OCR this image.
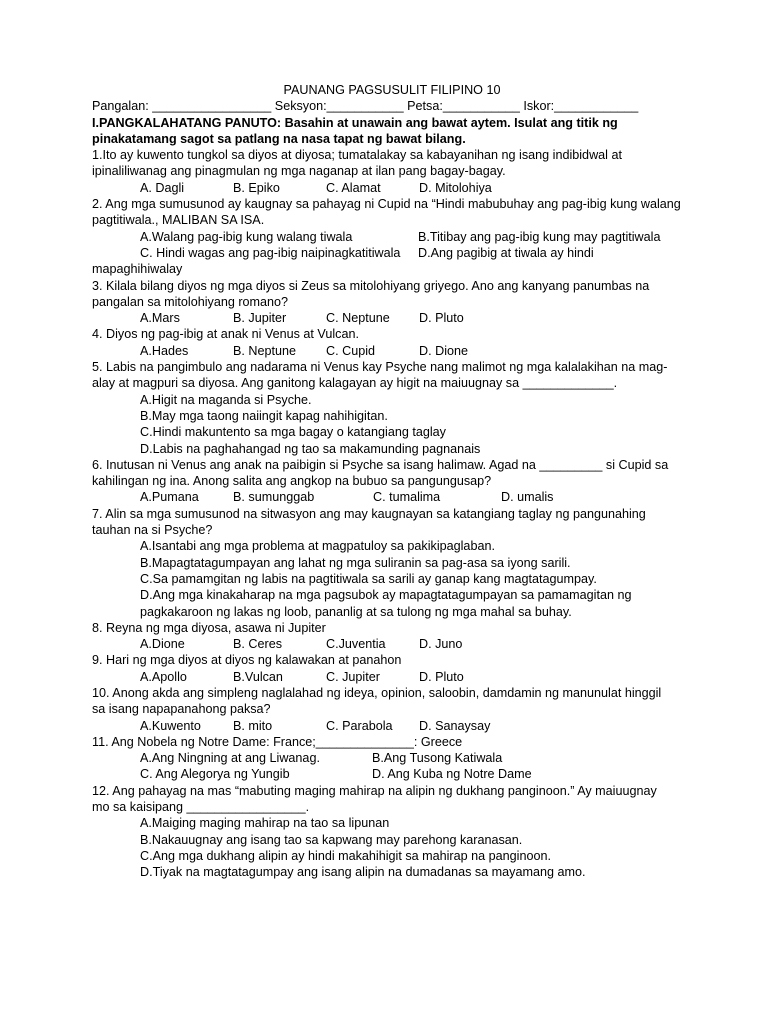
PAUNANG PAGSUSULIT FILIPINO 10
Pangalan: _________________ Seksyon:___________ Petsa:___________ Iskor:____________
I.PANGKALAHATANG PANUTO: Basahin at unawain ang bawat aytem. Isulat ang titik ng
pinakatamang sagot sa patlang na nasa tapat ng bawat bilang.
1.Ito ay kuwento tungkol sa diyos at diyosa; tumatalakay sa kabayanihan ng isang indibidwal at
ipinaliliwanag ang pinagmulan ng mga naganap at ilan pang bagay-bagay.
A. Dagli	B. Epiko	C. Alamat	D. Mitolohiya
2. Ang mga sumusunod ay kaugnay sa pahayag ni Cupid na “Hindi mabubuhay ang pag-ibig kung walang
pagtitiwala., MALIBAN SA ISA.
A.Walang pag-ibig kung walang tiwala	B.Titibay ang pag-ibig kung may pagtitiwala
C. Hindi wagas ang pag-ibig naipinagkatitiwala	D.Ang pagibig at tiwala ay hindi
mapaghihiwalay
3. Kilala bilang diyos ng mga diyos si Zeus sa mitolohiyang griyego. Ano ang kanyang panumbas na
pangalan sa mitolohiyang romano?
A.Mars	B. Jupiter	C. Neptune	D. Pluto
4. Diyos ng pag-ibig at anak ni Venus at Vulcan.
A.Hades	B. Neptune	C. Cupid	D. Dione
5. Labis na pangimbulo ang nadarama ni Venus kay Psyche nang malimot ng mga kalalakihan na mag-
alay at magpuri sa diyosa. Ang ganitong kalagayan ay higit na maiuugnay sa _____________.
A.Higit na maganda si Psyche.
B.May mga taong naiingit kapag nahihigitan.
C.Hindi makuntento sa mga bagay o katangiang taglay
D.Labis na paghahangad ng tao sa makamunding pagnanais
6. Inutusan ni Venus ang anak na paibigin si Psyche sa isang halimaw. Agad na _________ si Cupid sa
kahilingan ng ina. Anong salita ang angkop na bubuo sa pangungusap?
A.Pumana	B. sumunggab	C. tumalima	D. umalis
7. Alin sa mga sumusunod na sitwasyon ang may kaugnayan sa katangiang taglay ng pangunahing
tauhan na si Psyche?
A.Isantabi ang mga problema at magpatuloy sa pakikipaglaban.
B.Mapagtatagumpayan ang lahat ng mga suliranin sa pag-asa sa iyong sarili.
C.Sa pamamgitan ng labis na pagtitiwala sa sarili ay ganap kang magtatagumpay.
D.Ang mga kinakaharap na mga pagsubok ay mapagtatagumpayan sa pamamagitan ng
pagkakaroon ng lakas ng loob, pananlig at sa tulong ng mga mahal sa buhay.
8. Reyna ng mga diyosa, asawa ni Jupiter
A.Dione	B. Ceres	C.Juventia	D. Juno
9. Hari ng mga diyos at diyos ng kalawakan at panahon
A.Apollo	B.Vulcan	C. Jupiter	D. Pluto
10. Anong akda ang simpleng naglalahad ng ideya, opinion, saloobin, damdamin ng manunulat hinggil
sa isang napapanahong paksa?
A.Kuwento	B. mito	C. Parabola	D. Sanaysay
11. Ang Nobela ng Notre Dame: France;______________: Greece
A.Ang Ningning at ang Liwanag.	B.Ang Tusong Katiwala
C. Ang Alegorya ng Yungib	D. Ang Kuba ng Notre Dame
12. Ang pahayag na mas “mabuting maging mahirap na alipin ng dukhang panginoon.” Ay maiuugnay
mo sa kaisipang _________________.
A.Maiging maging mahirap na tao sa lipunan
B.Nakauugnay ang isang tao sa kapwang may parehong karanasan.
C.Ang mga dukhang alipin ay hindi makahihigit sa mahirap na panginoon.
D.Tiyak na magtatagumpay ang isang alipin na dumadanas sa mayamang amo.
